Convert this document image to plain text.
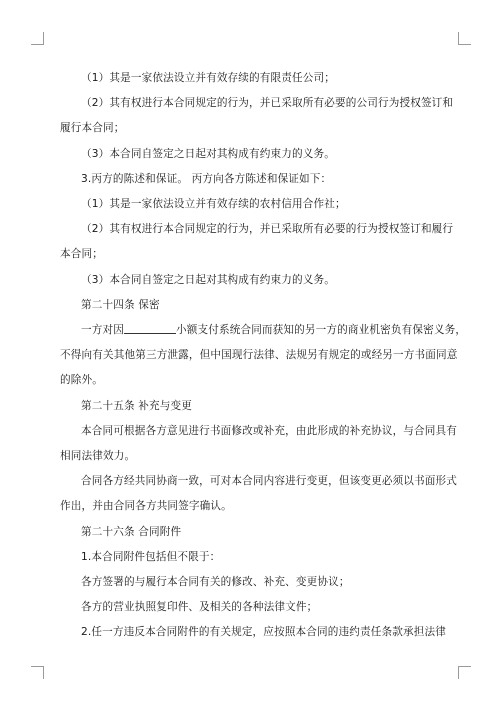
（1）其是一家依法设立并有效存续的有限责任公司；

（2）其有权进行本合同规定的行为，并已采取所有必要的公司行为授权签订和

履行本合同；

（3）本合同自签定之日起对其构成有约束力的义务。

3.丙方的陈述和保证。 丙方向各方陈述和保证如下：

（1）其是一家依法设立并有效存续的农村信用合作社；

（2）其有权进行本合同规定的行为，并已采取所有必要的行为授权签订和履行

本合同；

（3）本合同自签定之日起对其构成有约束力的义务。

第二十四条 保密

一方对因	小额支付系统合同而获知的另一方的商业机密负有保密义务，

不得向有关其他第三方泄露，但中国现行法律、法规另有规定的或经另一方书面同意

的除外。

第二十五条 补充与变更

本合同可根据各方意见进行书面修改或补充，由此形成的补充协议，与合同具有

相同法律效力。

合同各方经共同协商一致，可对本合同内容进行变更，但该变更必须以书面形式

作出，并由合同各方共同签字确认。

第二十六条 合同附件

1.本合同附件包括但不限于：

各方签署的与履行本合同有关的修改、补充、变更协议；

各方的营业执照复印件、及相关的各种法律文件；

2.任一方违反本合同附件的有关规定，应按照本合同的违约责任条款承担法律
